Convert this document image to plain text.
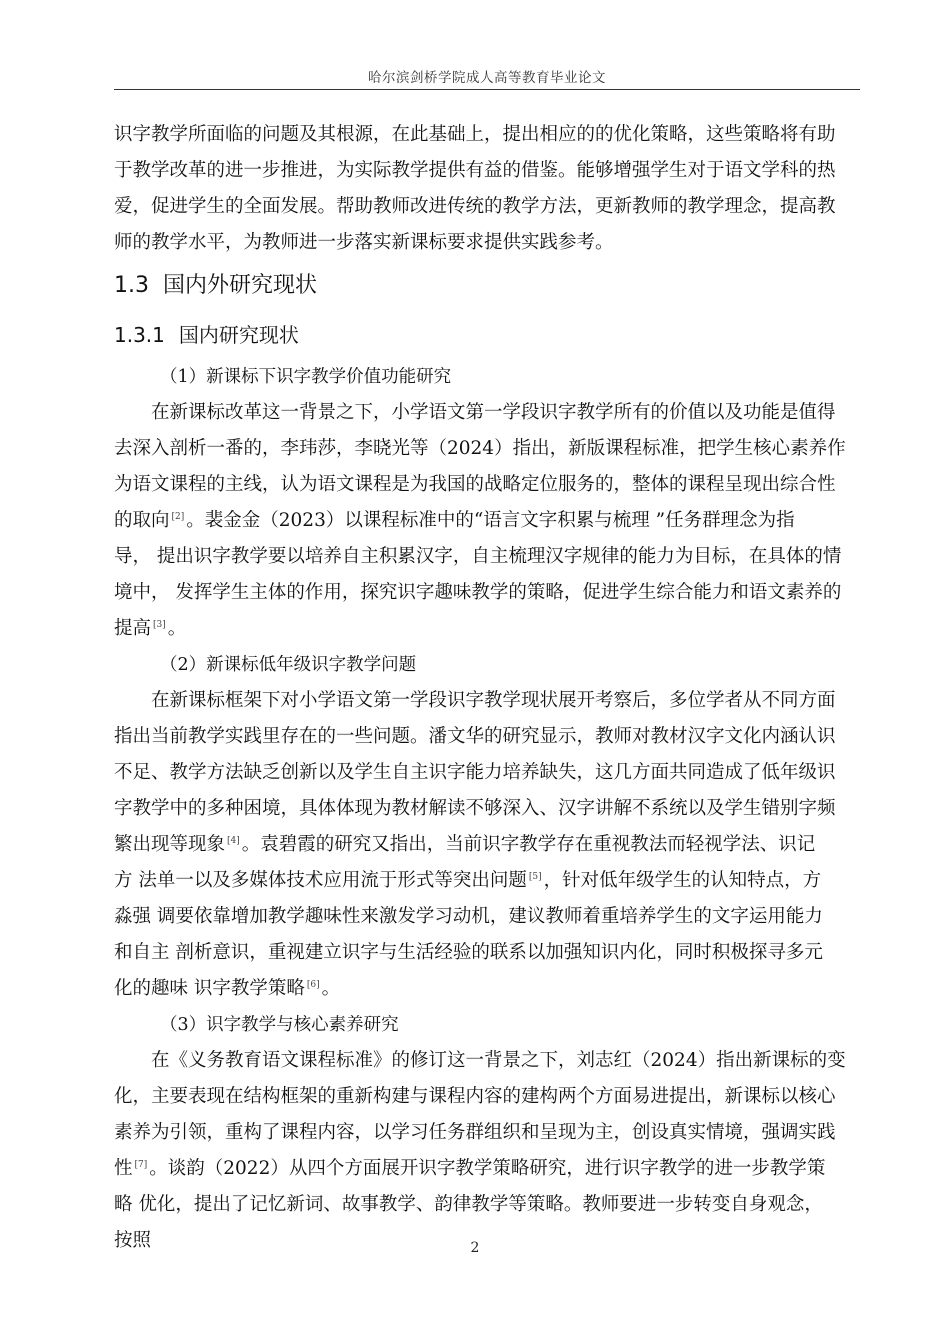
哈尔滨剑桥学院成人高等教育毕业论文
识字教学所面临的问题及其根源，在此基础上，提出相应的的优化策略，这些策略将有助
于教学改革的进一步推进，为实际教学提供有益的借鉴。能够增强学生对于语文学科的热
爱，促进学生的全面发展。帮助教师改进传统的教学方法，更新教师的教学理念，提高教
师的教学水平，为教师进一步落实新课标要求提供实践参考。
1.3 国内外研究现状
1.3.1 国内研究现状
（1）新课标下识字教学价值功能研究
在新课标改革这一背景之下，小学语文第一学段识字教学所有的价值以及功能是值得
去深入剖析一番的，李玮莎，李晓光等（2024）指出，新版课程标准，把学生核心素养作
为语文课程的主线，认为语文课程是为我国的战略定位服务的，整体的课程呈现出综合性
的取向 [2] 。裴金金（2023）以课程标准中的“语言文字积累与梳理 ”任务群理念为指
导， 提出识字教学要以培养自主积累汉字，自主梳理汉字规律的能力为目标，在具体的情
境中， 发挥学生主体的作用，探究识字趣味教学的策略，促进学生综合能力和语文素养的
提高 [3] 。
（2）新课标低年级识字教学问题
在新课标框架下对小学语文第一学段识字教学现状展开考察后，多位学者从不同方面
指出当前教学实践里存在的一些问题。潘文华的研究显示，教师对教材汉字文化内涵认识
不足、教学方法缺乏创新以及学生自主识字能力培养缺失，这几方面共同造成了低年级识
字教学中的多种困境，具体体现为教材解读不够深入、汉字讲解不系统以及学生错别字频
繁出现等现象 [4] 。袁碧霞的研究又指出，当前识字教学存在重视教法而轻视学法、识记
方 法单一以及多媒体技术应用流于形式等突出问题 [5] ，针对低年级学生的认知特点，方
淼强 调要依靠增加教学趣味性来激发学习动机，建议教师着重培养学生的文字运用能力
和自主 剖析意识，重视建立识字与生活经验的联系以加强知识内化，同时积极探寻多元
化的趣味 识字教学策略 [6] 。
（3）识字教学与核心素养研究
在《义务教育语文课程标准》的修订这一背景之下，刘志红（2024）指出新课标的变
化，主要表现在结构框架的重新构建与课程内容的建构两个方面易进提出，新课标以核心
素养为引领，重构了课程内容，以学习任务群组织和呈现为主，创设真实情境，强调实践
性 [7] 。谈韵（2022）从四个方面展开识字教学策略研究，进行识字教学的进一步教学策
略 优化，提出了记忆新词、故事教学、韵律教学等策略。教师要进一步转变自身观念，
按照	2
